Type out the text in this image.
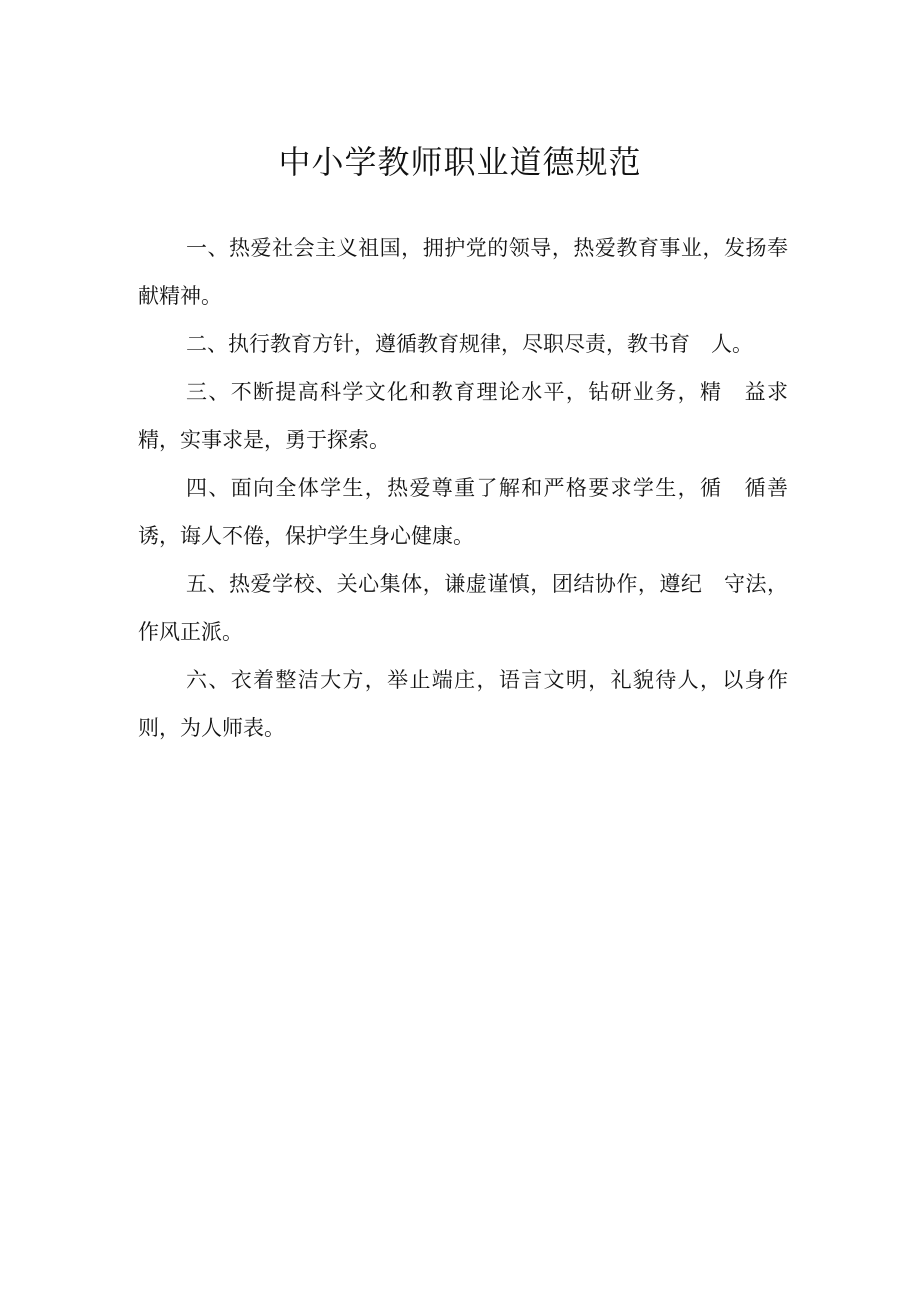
中小学教师职业道德规范

一、热爱社会主义祖国，拥护党的领导，热爱教育事业，发扬奉献精神。

二、执行教育方针，遵循教育规律，尽职尽责，教书育　人。

三、不断提高科学文化和教育理论水平，钻研业务，精　益求精，实事求是，勇于探索。

四、面向全体学生，热爱尊重了解和严格要求学生，循　循善诱，诲人不倦，保护学生身心健康。

五、热爱学校、关心集体，谦虚谨慎，团结协作，遵纪　守法，作风正派。

六、衣着整洁大方，举止端庄，语言文明，礼貌待人，以身作则，为人师表。
